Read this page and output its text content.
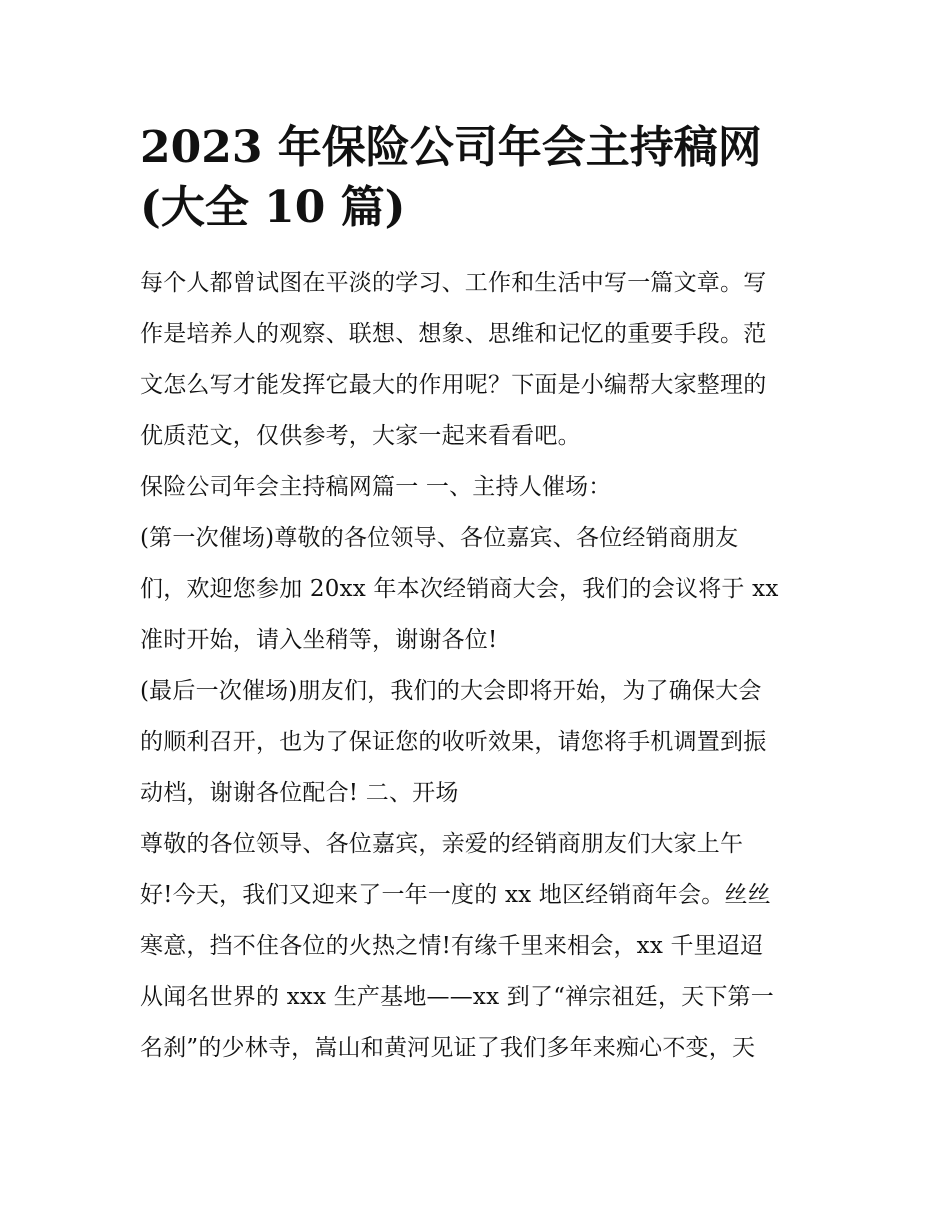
2023 年保险公司年会主持稿网
(大全 10 篇)
每个人都曾试图在平淡的学习、工作和生活中写一篇文章。写
作是培养人的观察、联想、想象、思维和记忆的重要手段。范
文怎么写才能发挥它最大的作用呢？下面是小编帮大家整理的
优质范文，仅供参考，大家一起来看看吧。
保险公司年会主持稿网篇一 一、主持人催场：
(第一次催场)尊敬的各位领导、各位嘉宾、各位经销商朋友
们，欢迎您参加 20xx 年本次经销商大会，我们的会议将于 xx
准时开始，请入坐稍等，谢谢各位!
(最后一次催场)朋友们，我们的大会即将开始，为了确保大会
的顺利召开，也为了保证您的收听效果，请您将手机调置到振
动档，谢谢各位配合! 二、开场
尊敬的各位领导、各位嘉宾，亲爱的经销商朋友们大家上午
好!今天，我们又迎来了一年一度的 xx 地区经销商年会。丝丝
寒意，挡不住各位的火热之情!有缘千里来相会，xx 千里迢迢
从闻名世界的 xxx 生产基地——xx 到了“禅宗祖廷，天下第一
名刹”的少林寺，嵩山和黄河见证了我们多年来痴心不变，天
